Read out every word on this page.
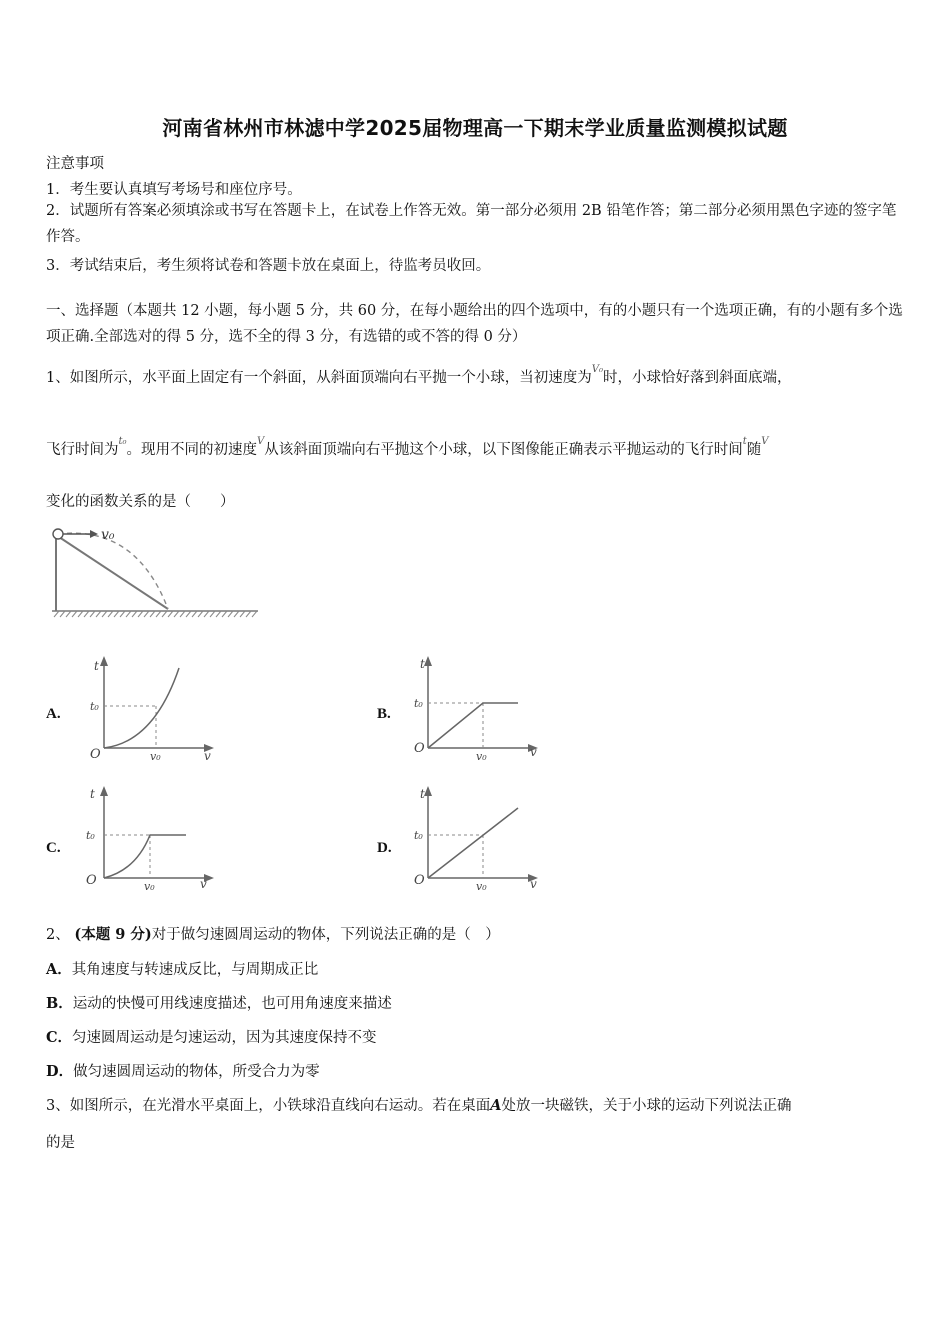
河南省林州市林滤中学2025届物理高一下期末学业质量监测模拟试题
注意事项
1．考生要认真填写考场号和座位序号。
2．试题所有答案必须填涂或书写在答题卡上，在试卷上作答无效。第一部分必须用 2B 铅笔作答；第二部分必须用黑色字迹的签字笔作答。
3．考试结束后，考生须将试卷和答题卡放在桌面上，待监考员收回。
一、选择题（本题共 12 小题，每小题 5 分，共 60 分，在每小题给出的四个选项中，有的小题只有一个选项正确，有的小题有多个选项正确.全部选对的得 5 分，选不全的得 3 分，有选错的或不答的得 0 分）
1、如图所示，水平面上固定有一个斜面，从斜面顶端向右平抛一个小球，当初速度为$^{V_0}$时，小球恰好落到斜面底端，
飞行时间为$^{t_0}$。现用不同的初速度$^V$从该斜面顶端向右平抛这个小球，以下图像能正确表示平抛运动的飞行时间$^t$随$^V$
变化的函数关系的是（　　）
v₀
A.
t
t₀
O	v₀	v
B.
t
t₀
O
v₀	v
C.
t
t₀
O	v₀	v
D.
t
t₀
O	v₀	v
2、 (本题 9 分)对于做匀速圆周运动的物体，下列说法正确的是（　）
A．其角速度与转速成反比，与周期成正比
B．运动的快慢可用线速度描述，也可用角速度来描述
C．匀速圆周运动是匀速运动，因为其速度保持不变
D．做匀速圆周运动的物体，所受合力为零
3、如图所示，在光滑水平桌面上，小铁球沿直线向右运动。若在桌面A处放一块磁铁，关于小球的运动下列说法正确
的是
